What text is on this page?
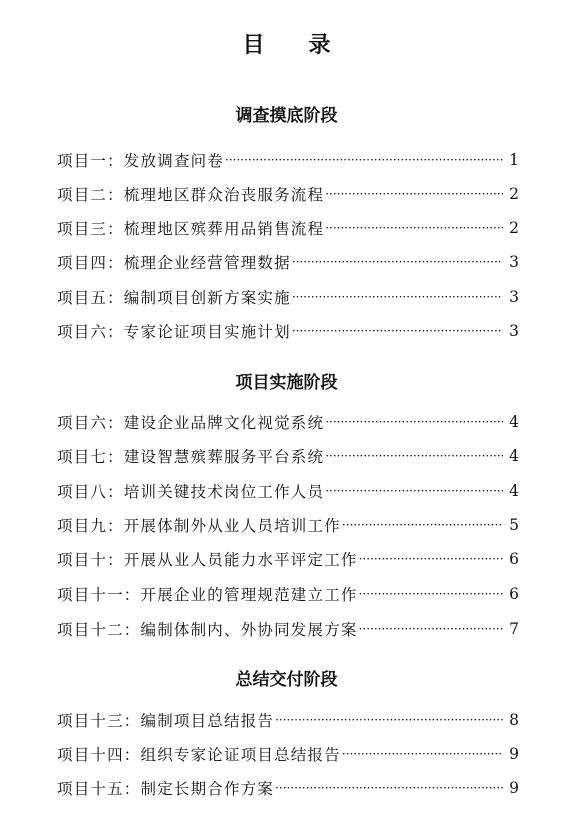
目 录
调查摸底阶段
项目一：发放调查问卷 ·····	1
项目二：梳理地区群众治丧服务流程 ·····	2
项目三：梳理地区殡葬用品销售流程 ·····	2
项目四：梳理企业经营管理数据 ·····	3
项目五：编制项目创新方案实施 ·····	3
项目六：专家论证项目实施计划 ·····	3
项目实施阶段
项目六：建设企业品牌文化视觉系统 ·····	4
项目七：建设智慧殡葬服务平台系统 ·····	4
项目八：培训关键技术岗位工作人员 ·····	4
项目九：开展体制外从业人员培训工作 ·····	5
项目十：开展从业人员能力水平评定工作 ·····	6
项目十一：开展企业的管理规范建立工作 ·····	6
项目十二：编制体制内、外协同发展方案 ·····	7
总结交付阶段
项目十三：编制项目总结报告 ·····	8
项目十四：组织专家论证项目总结报告 ·····	9
项目十五：制定长期合作方案 ·····	9
